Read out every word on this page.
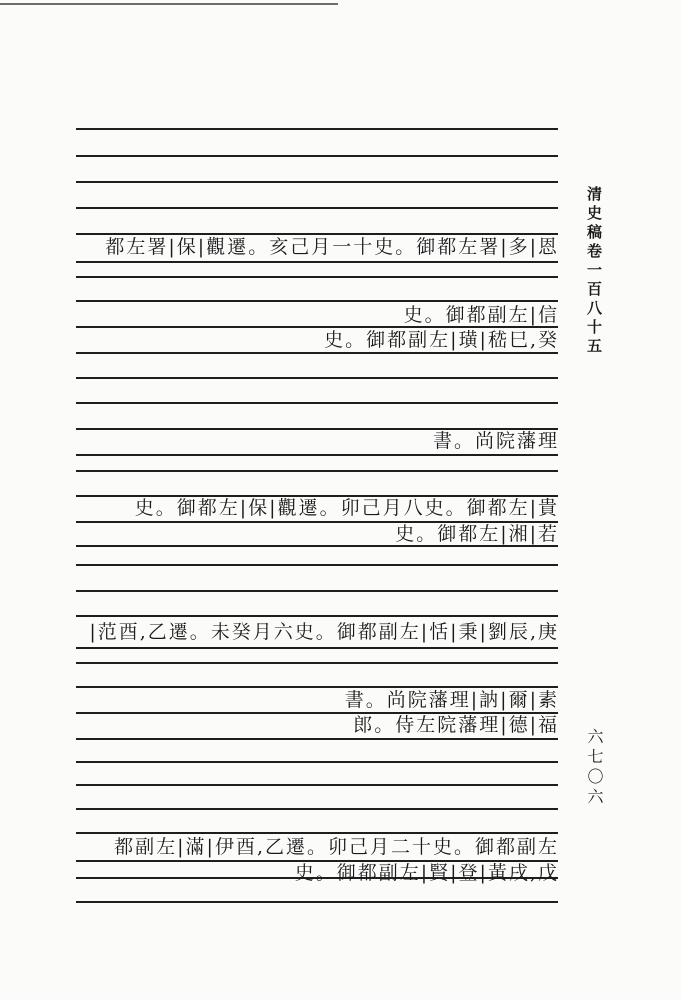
都左署|保|觀遷。亥己月一十史。御都左署|多|恩
史。御都副左|信
史。御都副左|璜|嵇巳,癸
書。尚院藩理
史。御都左|保|觀遷。卯己月八史。御都左|貴
史。御都左|湘|若
|范酉,乙遷。未癸月六史。御都副左|恬|秉|劉辰,庚
書。尚院藩理|訥|爾|素
郎。侍左院藩理|德|福
都副左|滿|伊酉,乙遷。卯己月二十史。御都副左
史。御都副左|賢|登|黃戌,戊
清史稿卷一百八十五
六七〇六
